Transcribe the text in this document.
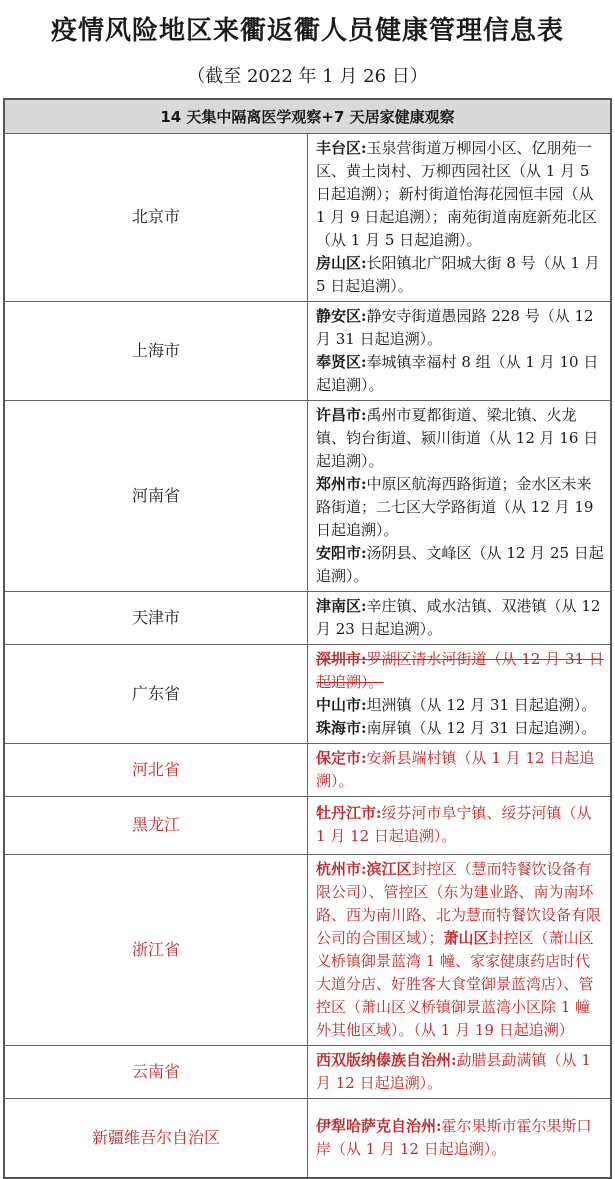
疫情风险地区来衢返衢人员健康管理信息表
（截至 2022 年 1 月 26 日）
14 天集中隔离医学观察+7 天居家健康观察	
北京市	丰台区:玉泉营街道万柳园小区、亿朋苑一区、黄土岗村、万柳西园社区（从 1 月 5 日起追溯）；新村街道怡海花园恒丰园（从 1 月 9 日起追溯）；南苑街道南庭新苑北区（从 1 月 5 日起追溯）。
房山区:长阳镇北广阳城大街 8 号（从 1 月 5 日起追溯）。

上海市	静安区:静安寺街道愚园路 228 号（从 12 月 31 日起追溯）。
奉贤区:奉城镇幸福村 8 组（从 1 月 10 日起追溯）。

河南省	许昌市:禹州市夏都街道、梁北镇、火龙镇、钧台街道、颍川街道（从 12 月 16 日起追溯）。
郑州市:中原区航海西路街道；金水区未来路街道；二七区大学路街道（从 12 月 19 日起追溯）。
安阳市:汤阴县、文峰区（从 12 月 25 日起追溯）。

天津市	津南区:辛庄镇、咸水沽镇、双港镇（从 12 月 23 日起追溯）。

广东省	深圳市:罗湖区清水河街道（从 12 月 31 日起追溯）。
中山市:坦洲镇（从 12 月 31 日起追溯）。
珠海市:南屏镇（从 12 月 31 日起追溯）。

河北省	保定市:安新县端村镇（从 1 月 12 日起追溯）。

黑龙江	牡丹江市:绥芬河市阜宁镇、绥芬河镇（从 1 月 12 日起追溯）。

浙江省	杭州市:滨江区封控区（慧而特餐饮设备有限公司）、管控区（东为建业路、南为南环路、西为南川路、北为慧而特餐饮设备有限公司的合围区域）；萧山区封控区（萧山区义桥镇御景蓝湾 1 幢、家家健康药店时代大道分店、好胜客大食堂御景蓝湾店）、管控区（萧山区义桥镇御景蓝湾小区除 1 幢外其他区域）。（从 1 月 19 日起追溯）

云南省	西双版纳傣族自治州:勐腊县勐满镇（从 1 月 12 日起追溯）。

新疆维吾尔自治区	伊犁哈萨克自治州:霍尔果斯市霍尔果斯口岸（从 1 月 12 日起追溯）。
